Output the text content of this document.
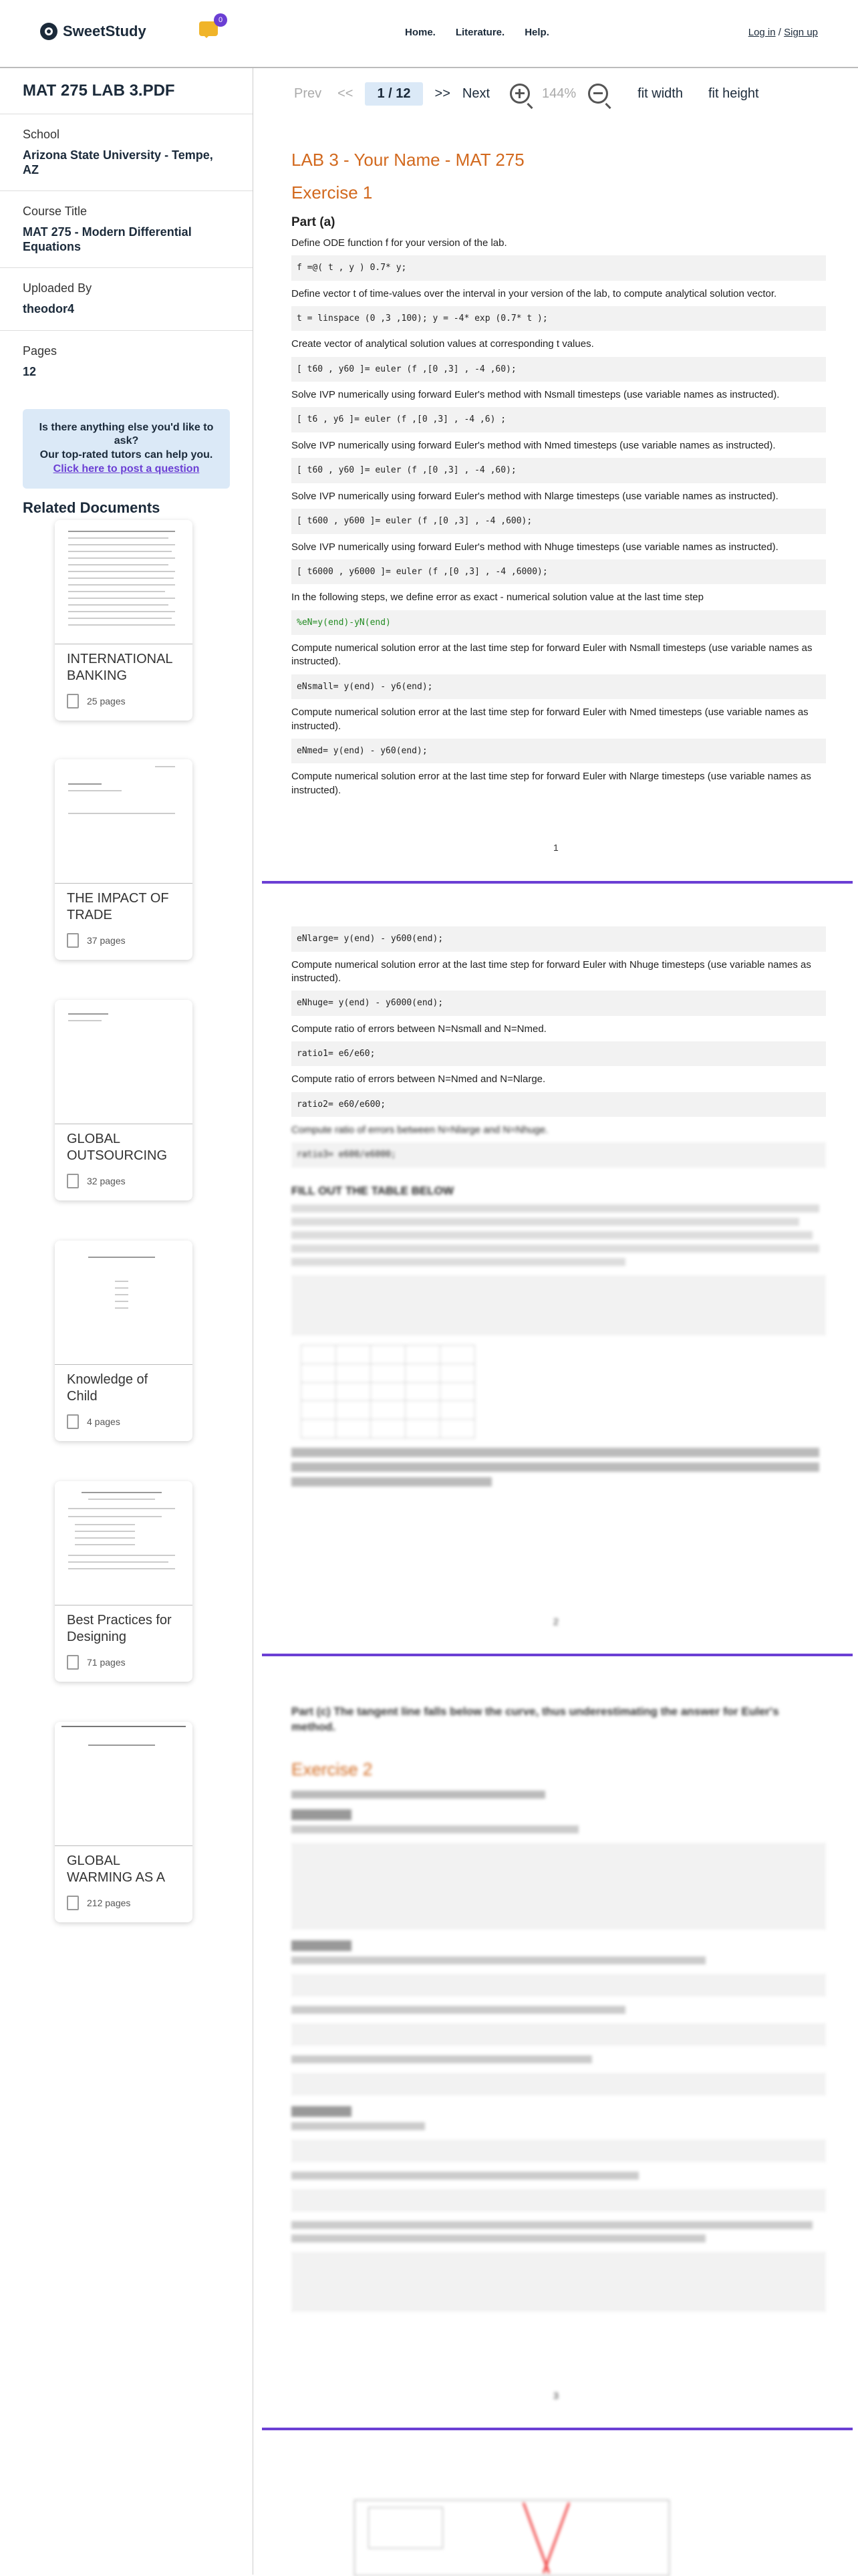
SweetStudy
0
Home. Literature. Help.	Log in / Sign up
MAT 275 LAB 3.PDF
School
Arizona State University - Tempe, AZ
Course Title
MAT 275 - Modern Differential Equations
Uploaded By
theodor4
Pages
12
Is there anything else you'd like to ask?
Our top-rated tutors can help you.
Click here to post a question
Related Documents
INTERNATIONAL BANKING
25 pages
THE IMPACT OF TRADE
37 pages
GLOBAL OUTSOURCING
32 pages
Knowledge of Child
4 pages
Best Practices for Designing
71 pages
GLOBAL WARMING AS A
212 pages
Prev <<	1 / 12	>> Next	144%	fit width fit height
LAB 3 - Your Name - MAT 275
Exercise 1
Part (a)
Define ODE function f for your version of the lab.
f =@( t , y ) 0.7* y;
Define vector t of time-values over the interval in your version of the lab, to compute analytical solution vector.
t = linspace (0 ,3 ,100); y = -4* exp (0.7* t );
Create vector of analytical solution values at corresponding t values.
[ t60 , y60 ]= euler (f ,[0 ,3] , -4 ,60);
Solve IVP numerically using forward Euler's method with Nsmall timesteps (use variable names as instructed).
[ t6 , y6 ]= euler (f ,[0 ,3] , -4 ,6) ;
Solve IVP numerically using forward Euler's method with Nmed timesteps (use variable names as instructed).
[ t60 , y60 ]= euler (f ,[0 ,3] , -4 ,60);
Solve IVP numerically using forward Euler's method with Nlarge timesteps (use variable names as instructed).
[ t600 , y600 ]= euler (f ,[0 ,3] , -4 ,600);
Solve IVP numerically using forward Euler's method with Nhuge timesteps (use variable names as instructed).
[ t6000 , y6000 ]= euler (f ,[0 ,3] , -4 ,6000);
In the following steps, we define error as exact - numerical solution value at the last time step
%eN=y(end)-yN(end)
Compute numerical solution error at the last time step for forward Euler with Nsmall timesteps (use variable names as instructed).
eNsmall= y(end) - y6(end);
Compute numerical solution error at the last time step for forward Euler with Nmed timesteps (use variable names as instructed).
eNmed= y(end) - y60(end);
Compute numerical solution error at the last time step for forward Euler with Nlarge timesteps (use variable names as instructed).
1
eNlarge= y(end) - y600(end);
Compute numerical solution error at the last time step for forward Euler with Nhuge timesteps (use variable names as instructed).
eNhuge= y(end) - y6000(end);
Compute ratio of errors between N=Nsmall and N=Nmed.
ratio1= e6/e60;
Compute ratio of errors between N=Nmed and N=Nlarge.
ratio2= e60/e600;
Compute ratio of errors between N=Nlarge and N=Nhuge.
ratio3= e600/e6000;
FILL OUT THE TABLE BELOW

2
Part (c) The tangent line falls below the curve, thus underestimating the answer for Euler's method.
Exercise 2
3
